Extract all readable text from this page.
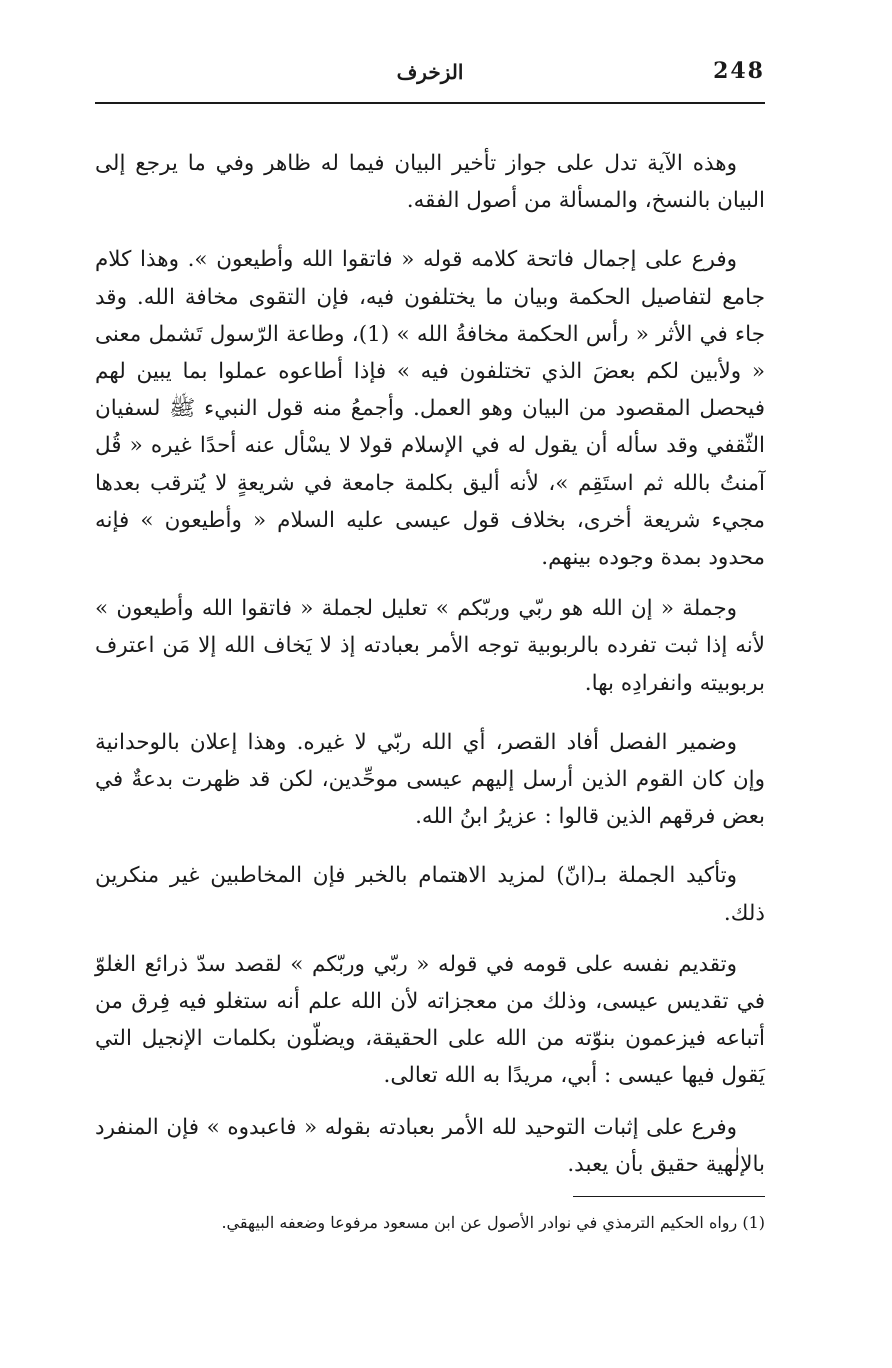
248
الزخرف

وهذه الآية تدل على جواز تأخير البيان فيما له ظاهر وفي ما يرجع إلى البيان بالنسخ، والمسألة من أصول الفقه.

وفرع على إجمال فاتحة كلامه قوله « فاتقوا الله وأطيعون ». وهذا كلام جامع لتفاصيل الحكمة وبيان ما يختلفون فيه، فإن التقوى مخافة الله. وقد جاء في الأثر « رأس الحكمة مخافةُ الله » (1)، وطاعة الرّسول تَشمل معنى « ولأبين لكم بعضَ الذي تختلفون فيه » فإذا أطاعوه عملوا بما يبين لهم فيحصل المقصود من البيان وهو العمل. وأجمعُ منه قول النبيء ﷺ لسفيان الثّقفي وقد سأله أن يقول له في الإسلام قولا لا يسْأل عنه أحدًا غيره « قُل آمنتُ بالله ثم استَقِم »، لأنه أليق بكلمة جامعة في شريعةٍ لا يُترقب بعدها مجيء شريعة أخرى، بخلاف قول عيسى عليه السلام « وأطيعون » فإنه محدود بمدة وجوده بينهم.

وجملة « إن الله هو ربّي وربّكم » تعليل لجملة « فاتقوا الله وأطيعون » لأنه إذا ثبت تفرده بالربوبية توجه الأمر بعبادته إذ لا يَخاف الله إلا مَن اعترف بربوبيته وانفرادِه بها.

وضمير الفصل أفاد القصر، أي الله ربّي لا غيره. وهذا إعلان بالوحدانية وإن كان القوم الذين أرسل إليهم عيسى موحِّدين، لكن قد ظهرت بدعةٌ في بعض فرقهم الذين قالوا : عزيرُ ابنُ الله.

وتأكيد الجملة بـ(انّ) لمزيد الاهتمام بالخبر فإن المخاطبين غير منكرين ذلك.

وتقديم نفسه على قومه في قوله « ربّي وربّكم » لقصد سدّ ذرائع الغلوّ في تقديس عيسى، وذلك من معجزاته لأن الله علم أنه ستغلو فيه فِرق من أتباعه فيزعمون بنوّته من الله على الحقيقة، ويضلّون بكلمات الإنجيل التي يَقول فيها عيسى : أبي، مريدًا به الله تعالى.

وفرع على إثبات التوحيد لله الأمر بعبادته بقوله « فاعبدوه » فإن المنفرد بالإلٰهية حقيق بأن يعبد.

(1) رواه الحكيم الترمذي في نوادر الأصول عن ابن مسعود مرفوعا وضعفه البيهقي.
